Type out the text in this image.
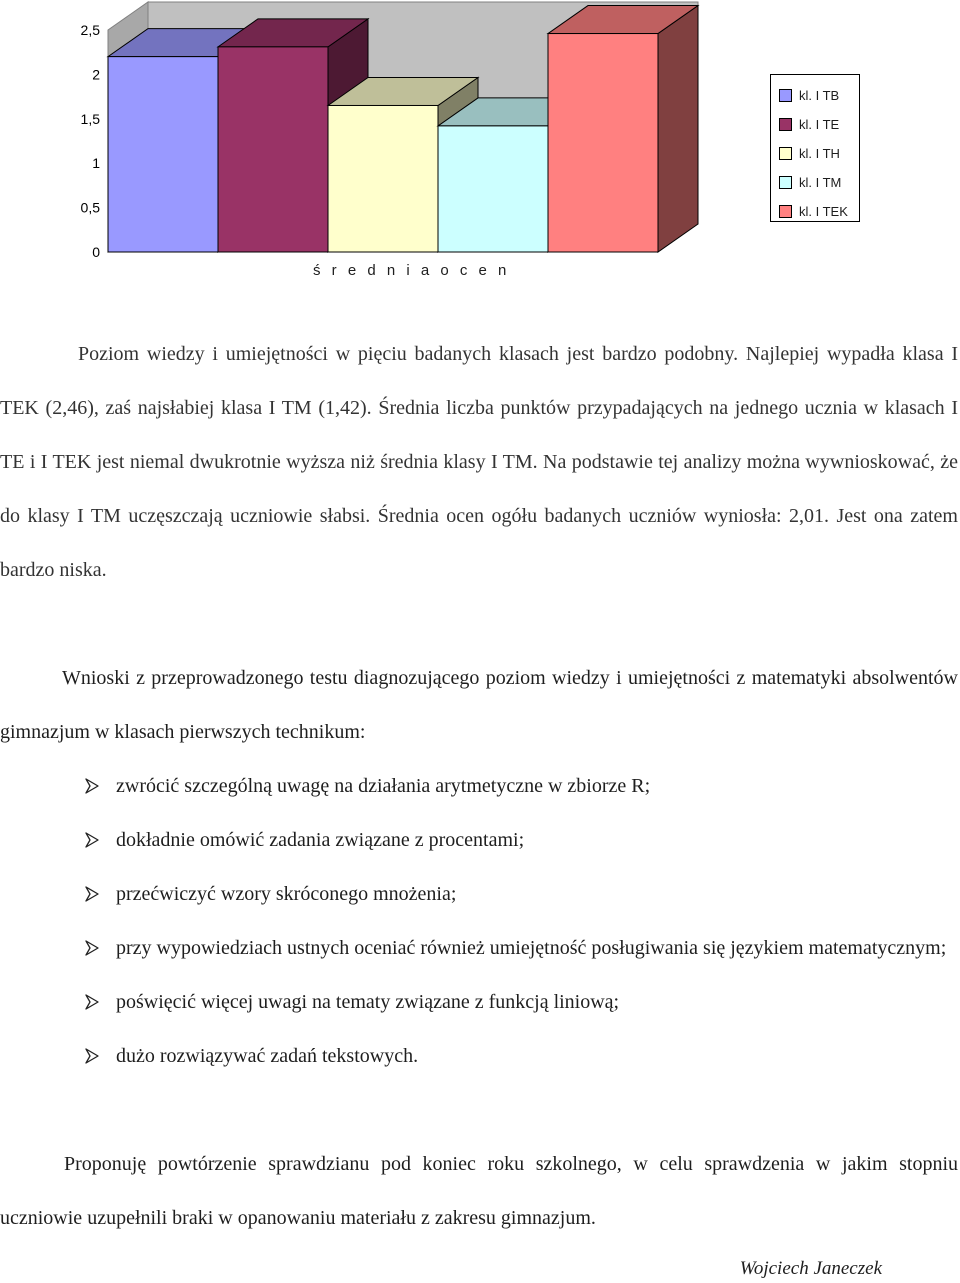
0
0,5
1
1,5
2
2,5
kl. I TB
kl. I TE
kl. I TH
kl. I TM
kl. I TEK
ś r e d n i a o c e n

Poziom wiedzy i umiejętności w pięciu badanych klasach jest bardzo podobny. Najlepiej wypadła klasa I TEK (2,46), zaś najsłabiej klasa I TM (1,42). Średnia liczba punktów przypadających na jednego ucznia w klasach I TE i I TEK jest niemal dwukrotnie wyższa niż średnia klasy I TM. Na podstawie tej analizy można wywnioskować, że do klasy I TM uczęszczają uczniowie słabsi. Średnia ocen ogółu badanych uczniów wyniosła: 2,01. Jest ona zatem bardzo niska.

Wnioski z przeprowadzonego testu diagnozującego poziom wiedzy i umiejętności z matematyki absolwentów gimnazjum w klasach pierwszych technikum:

zwrócić szczególną uwagę na działania arytmetyczne w zbiorze R;
dokładnie omówić zadania związane z procentami;
przećwiczyć wzory skróconego mnożenia;
przy wypowiedziach ustnych oceniać również umiejętność posługiwania się językiem matematycznym;
poświęcić więcej uwagi na tematy związane z funkcją liniową;
dużo rozwiązywać zadań tekstowych.

Proponuję powtórzenie sprawdzianu pod koniec roku szkolnego, w celu sprawdzenia w jakim stopniu uczniowie uzupełnili braki w opanowaniu materiału z zakresu gimnazjum.

Wojciech Janeczek
